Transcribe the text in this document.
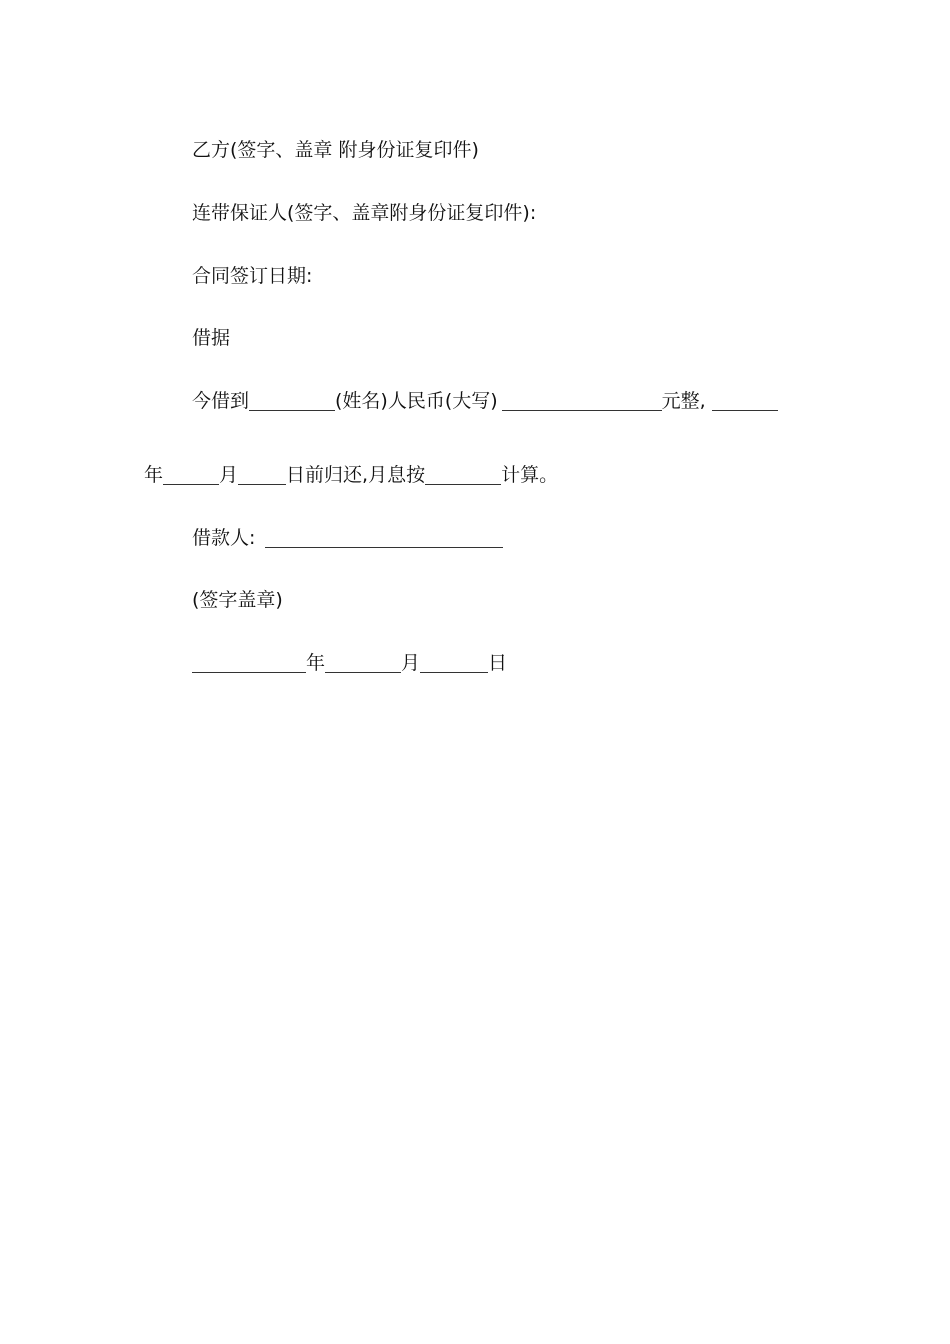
乙方(签字、盖章 附身份证复印件)
连带保证人(签字、盖章附身份证复印件):
合同签订日期:
借据
今借到	(姓名)人民币(大写)	元整,
年	月	日前归还,月息按	计算。
借款人:
(签字盖章)
年	月	日
